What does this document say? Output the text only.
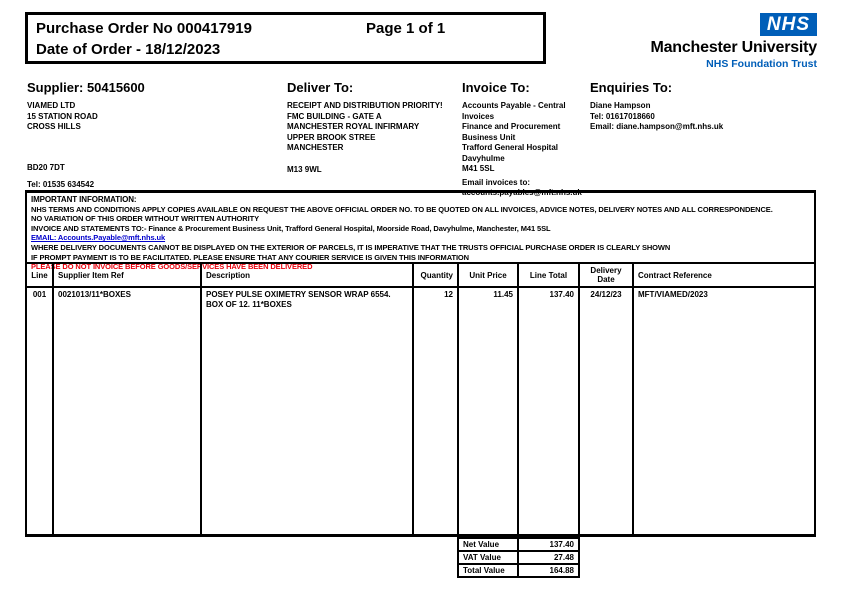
Purchase Order No 000417919	Page 1 of 1
Date of Order - 18/12/2023
NHS
Manchester University
NHS Foundation Trust
Supplier: 50415600
VIAMED LTD
15 STATION ROAD
CROSS HILLS
BD20 7DT
Tel: 01535 634542
Deliver To:
RECEIPT AND DISTRIBUTION PRIORITY!
FMC BUILDING - GATE A
MANCHESTER ROYAL INFIRMARY
UPPER BROOK STREE
MANCHESTER
M13 9WL
Invoice To:
Accounts Payable - Central
Invoices
Finance and Procurement
Business Unit
Trafford General Hospital
Davyhulme
M41 5SL
Email invoices to:
accounts.payables@mft.nhs.uk
Enquiries To:
Diane Hampson
Tel: 01617018660
Email: diane.hampson@mft.nhs.uk
IMPORTANT INFORMATION:
NHS TERMS AND CONDITIONS APPLY COPIES AVAILABLE ON REQUEST THE ABOVE OFFICIAL ORDER NO. TO BE QUOTED ON ALL INVOICES, ADVICE NOTES, DELIVERY NOTES AND ALL CORRESPONDENCE.
NO VARIATION OF THIS ORDER WITHOUT WRITTEN AUTHORITY
INVOICE AND STATEMENTS TO:- Finance & Procurement Business Unit, Trafford General Hospital, Moorside Road, Davyhulme, Manchester, M41 5SL
EMAIL: Accounts.Payable@mft.nhs.uk
WHERE DELIVERY DOCUMENTS CANNOT BE DISPLAYED ON THE EXTERIOR OF PARCELS, IT IS IMPERATIVE THAT THE TRUSTS OFFICIAL PURCHASE ORDER IS CLEARLY SHOWN
IF PROMPT PAYMENT IS TO BE FACILITATED. PLEASE ENSURE THAT ANY COURIER SERVICE IS GIVEN THIS INFORMATION
PLEASE DO NOT INVOICE BEFORE GOODS/SERVICES HAVE BEEN DELIVERED
Line	Supplier Item Ref	Description	Quantity	Unit Price	Line Total	Delivery Date	Contract Reference
001	0021013/11*BOXES	POSEY PULSE OXIMETRY SENSOR WRAP 6554. BOX OF 12. 11*BOXES	12	11.45	137.40	24/12/23	MFT/VIAMED/2023
Net Value	137.40
VAT Value	27.48
Total Value	164.88
